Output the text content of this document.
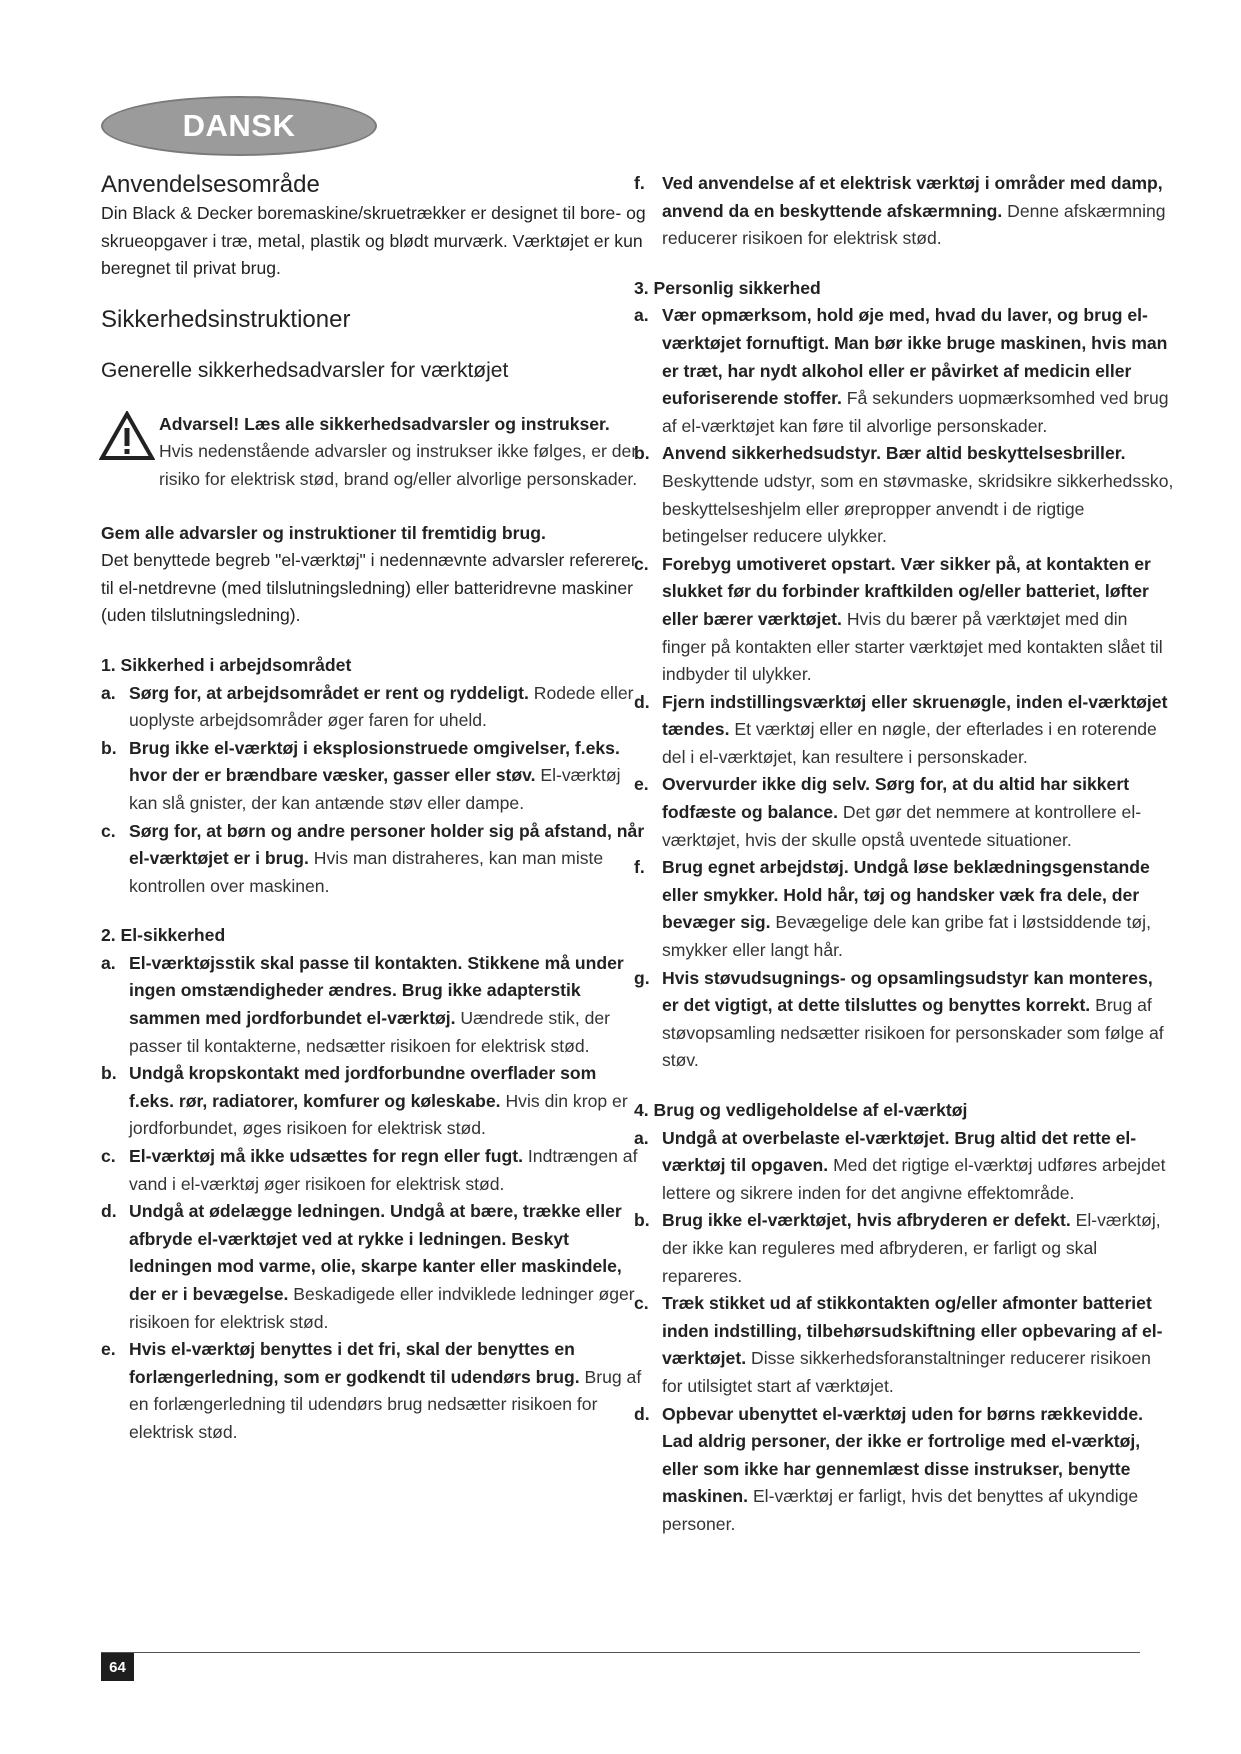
DANSK
Anvendelsesområde

Din Black & Decker boremaskine/skruetrækker er designet til bore- og skrueopgaver i træ, metal, plastik og blødt murværk. Værktøjet er kun beregnet til privat brug.

Sikkerhedsinstruktioner
Generelle sikkerhedsadvarsler for værktøjet
Advarsel! Læs alle sikkerhedsadvarsler og instrukser. Hvis nedenstående advarsler og instrukser ikke følges, er der risiko for elektrisk stød, brand og/eller alvorlige personskader.

Gem alle advarsler og instruktioner til fremtidig brug.

Det benyttede begreb "el-værktøj" i nedennævnte advarsler refererer til el-netdrevne (med tilslutningsledning) eller batteridrevne maskiner (uden tilslutningsledning).

1. Sikkerhed i arbejdsområdet

a. Sørg for, at arbejdsområdet er rent og ryddeligt. Rodede eller uoplyste arbejdsområder øger faren for uheld.
b. Brug ikke el-værktøj i eksplosionstruede omgivelser, f.eks. hvor der er brændbare væsker, gasser eller støv. El-værktøj kan slå gnister, der kan antænde støv eller dampe.
c. Sørg for, at børn og andre personer holder sig på afstand, når el-værktøjet er i brug. Hvis man distraheres, kan man miste kontrollen over maskinen.

2. El-sikkerhed

a. El-værktøjsstik skal passe til kontakten. Stikkene må under ingen omstændigheder ændres. Brug ikke adapterstik sammen med jordforbundet el-værktøj. Uændrede stik, der passer til kontakterne, nedsætter risikoen for elektrisk stød.
b. Undgå kropskontakt med jordforbundne overflader som f.eks. rør, radiatorer, komfurer og køleskabe. Hvis din krop er jordforbundet, øges risikoen for elektrisk stød.
c. El-værktøj må ikke udsættes for regn eller fugt. Indtrængen af vand i el-værktøj øger risikoen for elektrisk stød.
d. Undgå at ødelægge ledningen. Undgå at bære, trække eller afbryde el-værktøjet ved at rykke i ledningen. Beskyt ledningen mod varme, olie, skarpe kanter eller maskindele, der er i bevægelse. Beskadigede eller indviklede ledninger øger risikoen for elektrisk stød.
e. Hvis el-værktøj benyttes i det fri, skal der benyttes en forlængerledning, som er godkendt til udendørs brug. Brug af en forlængerledning til udendørs brug nedsætter risikoen for elektrisk stød.
f. Ved anvendelse af et elektrisk værktøj i områder med damp, anvend da en beskyttende afskærmning. Denne afskærmning reducerer risikoen for elektrisk stød.

3. Personlig sikkerhed

a. Vær opmærksom, hold øje med, hvad du laver, og brug el-værktøjet fornuftigt. Man bør ikke bruge maskinen, hvis man er træt, har nydt alkohol eller er påvirket af medicin eller euforiserende stoffer. Få sekunders uopmærksomhed ved brug af el-værktøjet kan føre til alvorlige personskader.
b. Anvend sikkerhedsudstyr. Bær altid beskyttelsesbriller. Beskyttende udstyr, som en støvmaske, skridsikre sikkerhedssko, beskyttelseshjelm eller ørepropper anvendt i de rigtige betingelser reducere ulykker.
c. Forebyg umotiveret opstart. Vær sikker på, at kontakten er slukket før du forbinder kraftkilden og/eller batteriet, løfter eller bærer værktøjet. Hvis du bærer på værktøjet med din finger på kontakten eller starter værktøjet med kontakten slået til indbyder til ulykker.
d. Fjern indstillingsværktøj eller skruenøgle, inden el-værktøjet tændes. Et værktøj eller en nøgle, der efterlades i en roterende del i el-værktøjet, kan resultere i personskader.
e. Overvurder ikke dig selv. Sørg for, at du altid har sikkert fodfæste og balance. Det gør det nemmere at kontrollere el-værktøjet, hvis der skulle opstå uventede situationer.
f. Brug egnet arbejdstøj. Undgå løse beklædningsgenstande eller smykker. Hold hår, tøj og handsker væk fra dele, der bevæger sig. Bevægelige dele kan gribe fat i løstsiddende tøj, smykker eller langt hår.
g. Hvis støvudsugnings- og opsamlingsudstyr kan monteres, er det vigtigt, at dette tilsluttes og benyttes korrekt. Brug af støvopsamling nedsætter risikoen for personskader som følge af støv.

4. Brug og vedligeholdelse af el-værktøj

a. Undgå at overbelaste el-værktøjet. Brug altid det rette el-værktøj til opgaven. Med det rigtige el-værktøj udføres arbejdet lettere og sikrere inden for det angivne effektområde.
b. Brug ikke el-værktøjet, hvis afbryderen er defekt. El-værktøj, der ikke kan reguleres med afbryderen, er farligt og skal repareres.
c. Træk stikket ud af stikkontakten og/eller afmonter batteriet inden indstilling, tilbehørsudskiftning eller opbevaring af el-værktøjet. Disse sikkerhedsforanstaltninger reducerer risikoen for utilsigtet start af værktøjet.
d. Opbevar ubenyttet el-værktøj uden for børns rækkevidde. Lad aldrig personer, der ikke er fortrolige med el-værktøj, eller som ikke har gennemlæst disse instrukser, benytte maskinen. El-værktøj er farligt, hvis det benyttes af ukyndige personer.
64
